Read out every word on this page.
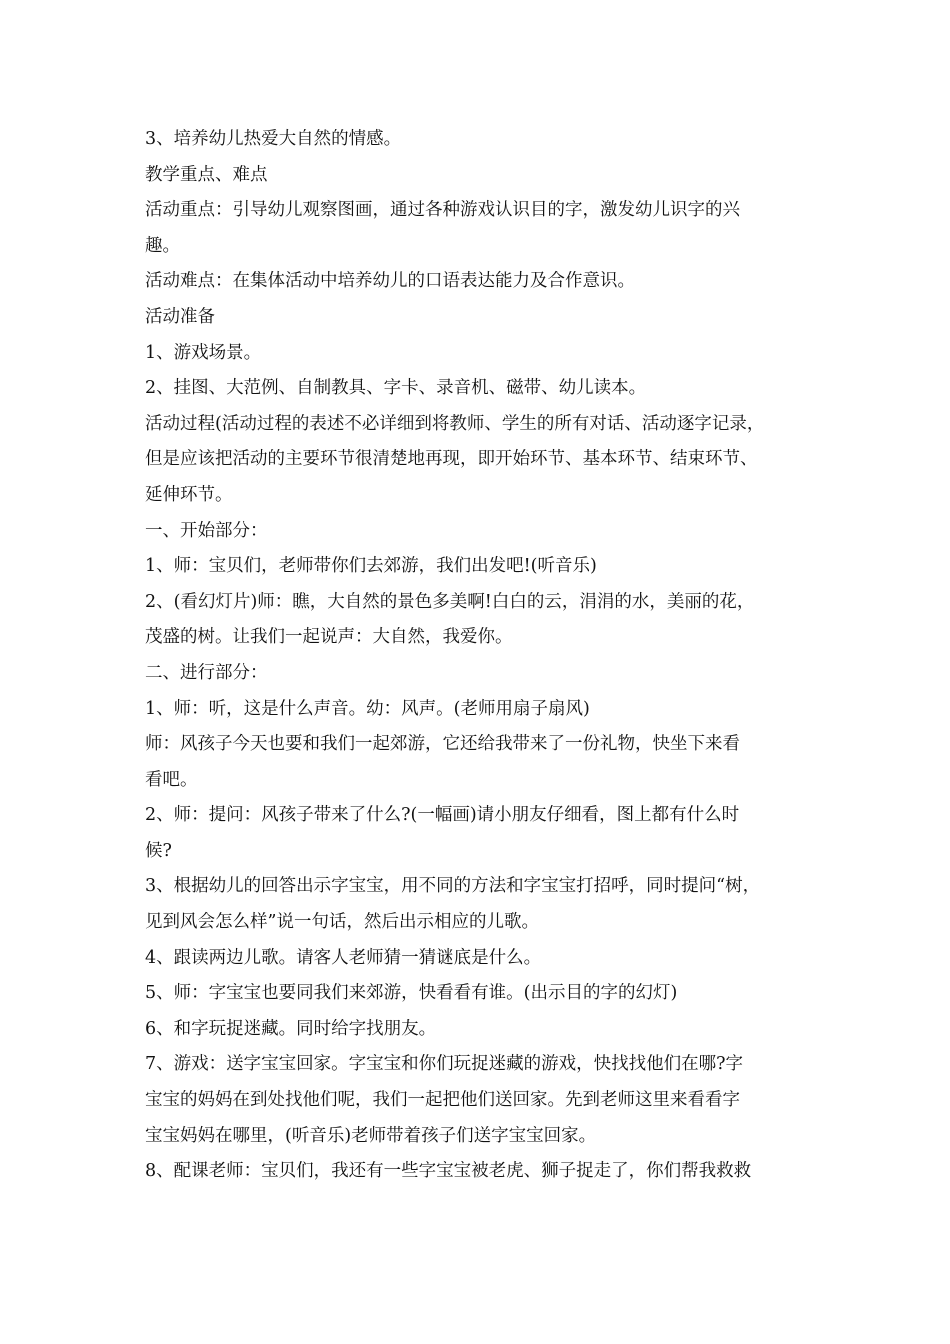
3、培养幼儿热爱大自然的情感。
教学重点、难点
活动重点：引导幼儿观察图画，通过各种游戏认识目的字，激发幼儿识字的兴
趣。
活动难点：在集体活动中培养幼儿的口语表达能力及合作意识。
活动准备
1、游戏场景。
2、挂图、大范例、自制教具、字卡、录音机、磁带、幼儿读本。
活动过程(活动过程的表述不必详细到将教师、学生的所有对话、活动逐字记录，
但是应该把活动的主要环节很清楚地再现，即开始环节、基本环节、结束环节、
延伸环节。
一、开始部分：
1、师：宝贝们，老师带你们去郊游，我们出发吧!(听音乐)
2、(看幻灯片)师：瞧，大自然的景色多美啊!白白的云，涓涓的水，美丽的花，
茂盛的树。让我们一起说声：大自然，我爱你。
二、进行部分：
1、师：听，这是什么声音。幼：风声。(老师用扇子扇风)
师：风孩子今天也要和我们一起郊游，它还给我带来了一份礼物，快坐下来看
看吧。
2、师：提问：风孩子带来了什么?(一幅画)请小朋友仔细看，图上都有什么时
候?
3、根据幼儿的回答出示字宝宝，用不同的方法和字宝宝打招呼，同时提问“树，
见到风会怎么样”说一句话，然后出示相应的儿歌。
4、跟读两边儿歌。请客人老师猜一猜谜底是什么。
5、师：字宝宝也要同我们来郊游，快看看有谁。(出示目的字的幻灯)
6、和字玩捉迷藏。同时给字找朋友。
7、游戏：送字宝宝回家。字宝宝和你们玩捉迷藏的游戏，快找找他们在哪?字
宝宝的妈妈在到处找他们呢，我们一起把他们送回家。先到老师这里来看看字
宝宝妈妈在哪里，(听音乐)老师带着孩子们送字宝宝回家。
8、配课老师：宝贝们，我还有一些字宝宝被老虎、狮子捉走了，你们帮我救救
